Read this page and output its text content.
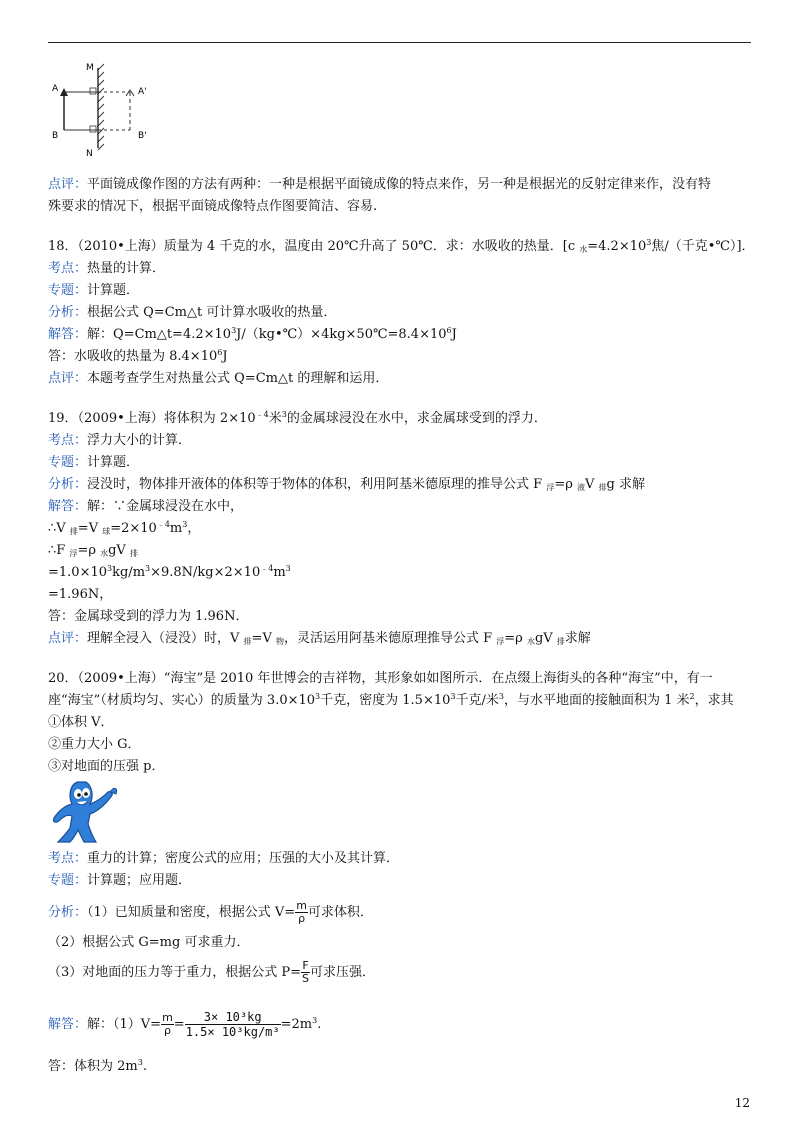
A
B
M
N
A'
B'
点评：平面镜成像作图的方法有两种：一种是根据平面镜成像的特点来作，另一种是根据光的反射定律来作，没有特
殊要求的情况下，根据平面镜成像特点作图要简洁、容易.
18．（2010•上海）质量为 4 千克的水，温度由 20℃升高了 50℃．求：水吸收的热量．[c $_水=4.2\times 10^3$焦/（千克•℃）]．
考点：热量的计算．
专题：计算题．
分析：根据公式 Q=Cm△t 可计算水吸收的热量．
解答：解：$Q=Cm\triangle t=4.2\times 10^3J/(kg•℃)\times 4kg\times 50℃=8.4\times 10^6J$
答：水吸收的热量为 $8.4\times 10^6J$
点评：本题考查学生对热量公式 Q=Cm△t 的理解和运用．
19．（2009•上海）将体积为 $2\times 10^{﹣4}$米$^3$的金属球浸没在水中，求金属球受到的浮力．
考点：浮力大小的计算．
专题：计算题．
分析：浸没时，物体排开液体的体积等于物体的体积，利用阿基米德原理的推导公式 F $_浮$=ρ $_液$V $_排$g 求解
解答：解：∵金属球浸没在水中，
∴V $_排$=V $_球=2\times 10^{﹣4}m^3$，
∴F $_浮$=ρ $_水$gV $_排$
$=1.0\times 10^3kg/m^3\times 9.8N/kg\times 2\times 10^{﹣4}m^3$
=1.96N，
答：金属球受到的浮力为 1.96N．
点评：理解全浸入（浸没）时，V $_排$=V $_物$，灵活运用阿基米德原理推导公式 F $_浮$=ρ $_水$gV $_排$求解
20．（2009•上海）“海宝”是 2010 年世博会的吉祥物，其形象如如图所示．在点缀上海街头的各种“海宝”中，有一
座“海宝”（材质均匀、实心）的质量为 $3.0\times 10^3$千克，密度为 $1.5\times 10^3$千克/米$^3$，与水平地面的接触面积为 1 米$^2$，求其
①体积 V．
②重力大小 G．
③对地面的压强 p．
考点：重力的计算；密度公式的应用；压强的大小及其计算．
专题：计算题；应用题．
分析：（1）已知质量和密度，根据公式 $V= \frac{m}{\rho}$ 可求体积．
（2）根据公式 G=mg 可求重力．
（3）对地面的压力等于重力，根据公式 $P= \frac{F}{S}$ 可求压强．
解答：解：$(1)V= \frac{m}{\rho} = \frac{\text{3× 10³kg}}{\text{1.5× 10³kg/m³}} =2m^3$.
答：体积为 $2m^3$.
12
